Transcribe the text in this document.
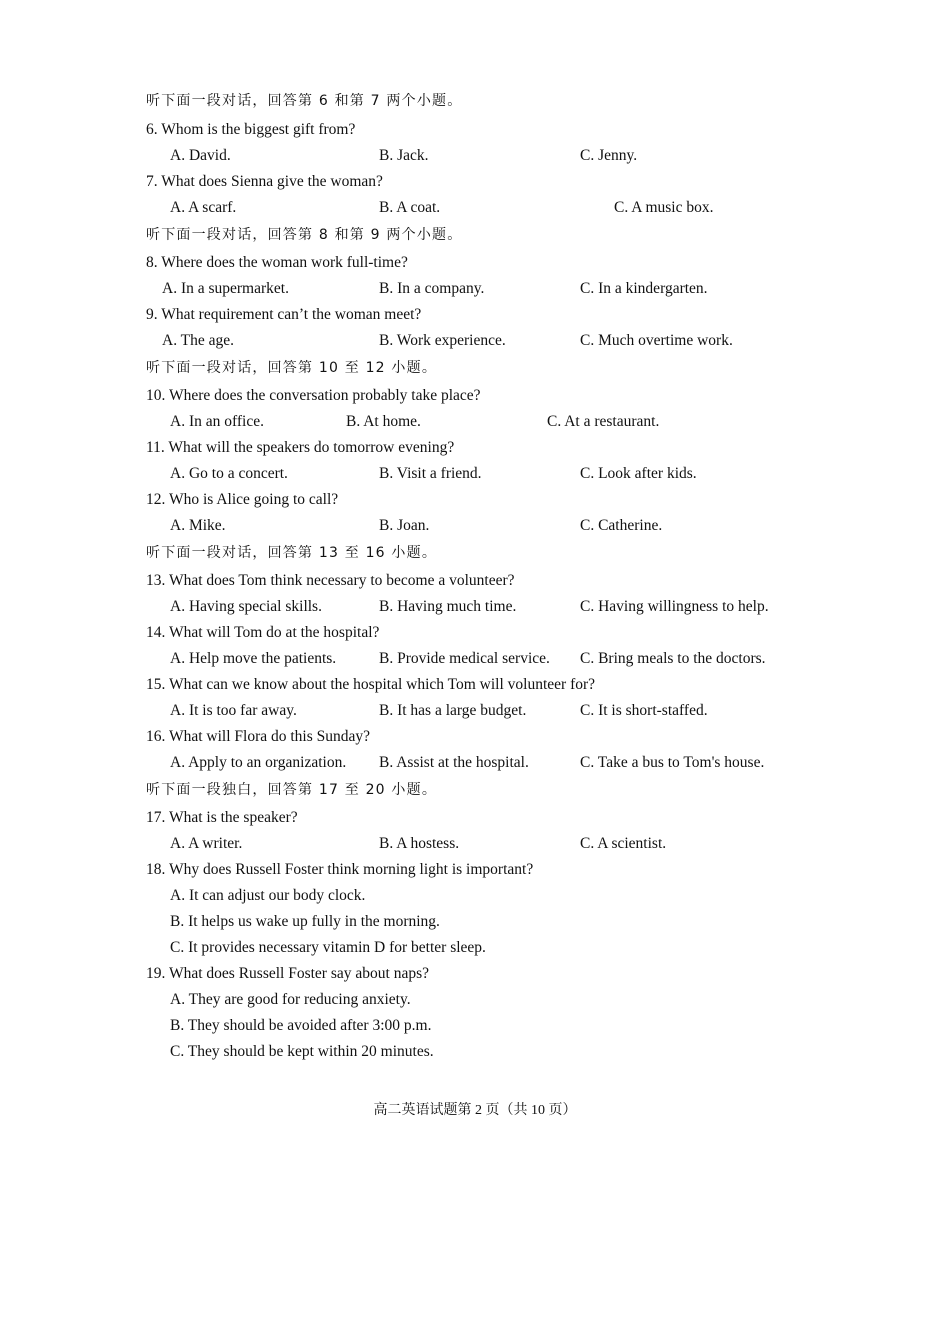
听下面一段对话，回答第 6 和第 7 两个小题。
6. Whom is the biggest gift from?
A. David.	B. Jack.	C. Jenny.
7. What does Sienna give the woman?
A. A scarf.	B. A coat.	C. A music box.
听下面一段对话，回答第 8 和第 9 两个小题。
8. Where does the woman work full-time?
A. In a supermarket.	B. In a company.	C. In a kindergarten.
9. What requirement can’t the woman meet?
A. The age.	B. Work experience.	C. Much overtime work.
听下面一段对话，回答第 10 至 12 小题。
10. Where does the conversation probably take place?
A. In an office.	B. At home.	C. At a restaurant.
11. What will the speakers do tomorrow evening?
A. Go to a concert.	B. Visit a friend.	C. Look after kids.
12. Who is Alice going to call?
A. Mike.	B. Joan.	C. Catherine.
听下面一段对话，回答第 13 至 16 小题。
13. What does Tom think necessary to become a volunteer?
A. Having special skills.	B. Having much time.	C. Having willingness to help.
14. What will Tom do at the hospital?
A. Help move the patients.	B. Provide medical service. C. Bring meals to the doctors.
15. What can we know about the hospital which Tom will volunteer for?
A. It is too far away.	B. It has a large budget.	C. It is short-staffed.
16. What will Flora do this Sunday?
A. Apply to an organization. B. Assist at the hospital.	C. Take a bus to Tom's house.
听下面一段独白，回答第 17 至 20 小题。
17. What is the speaker?
A. A writer.	B. A hostess.	C. A scientist.
18. Why does Russell Foster think morning light is important?
A. It can adjust our body clock.
B. It helps us wake up fully in the morning.
C. It provides necessary vitamin D for better sleep.
19. What does Russell Foster say about naps?
A. They are good for reducing anxiety.
B. They should be avoided after 3:00 p.m.
C. They should be kept within 20 minutes.
高二英语试题第 2 页（共 10 页）
